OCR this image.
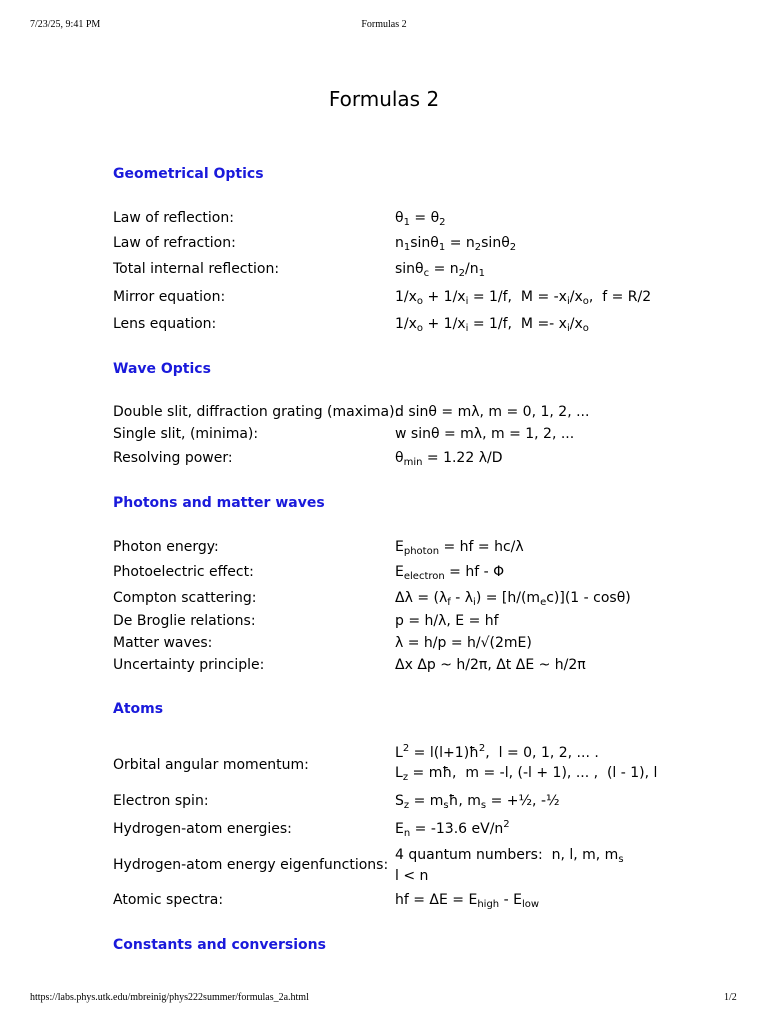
7/23/25, 9:41 PM	Formulas 2
Formulas 2
Geometrical Optics
Law of reflection:	$\theta_1 = \theta_2$
Law of refraction:	$n_1\sin\theta_1 = n_2\sin\theta_2$
Total internal reflection:	$\sin\theta_c = n_2/n_1$
Mirror equation:	$1/x_o + 1/x_i = 1/f$,  $M = -x_i/x_o$,  f = R/2
Lens equation:	$1/x_o + 1/x_i = 1/f$,  $M =- x_i/x_o$
Wave Optics
Double slit, diffraction grating (maxima):
d sinθ = mλ, m = 0, 1, 2, ...
Single slit, (minima):	w sinθ = mλ, m = 1, 2, ...
Resolving power:	$\theta_{min} = 1.22$ λ/D
Photons and matter waves
Photon energy:	$E_{photon}$ = hf = hc/λ
Photoelectric effect:	$E_{electron}$ = hf - Φ
Compton scattering:	$\Delta\lambda = (\lambda_f - \lambda_i) = [h/(m_ec)](1 - \cos\theta)$
De Broglie relations:	p = h/λ, E = hf
Matter waves:	λ = h/p = h/√(2mE)
Uncertainty principle:	Δx Δp ~ h/2π, Δt ΔE ~ h/2π
Atoms
Orbital angular momentum:
$L^2$ = $l(l+1)ħ^2$,  l = 0, 1, 2, ... .
$L_z$ = mħ,  m = -l, (-l + 1), ... ,  (l - 1), l
Electron spin:	$S_z$ = $m_sħ$, $m_s$ = +½, -½
Hydrogen-atom energies:	$E_n = -13.6$ $eV/n^2$
Hydrogen-atom energy eigenfunctions:
4 quantum numbers:  n, l, m, $m_s$
l < n
Atomic spectra:	hf = $\Delta E = E_{high} - E_{low}$
Constants and conversions
https://labs.phys.utk.edu/mbreinig/phys222summer/formulas_2a.html	1/2
